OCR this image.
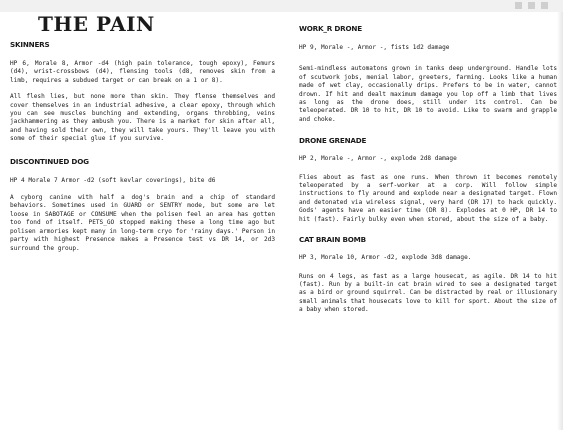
THE PAIN
SKINNERS

HP 6, Morale 8, Armor -d4 (high pain tolerance, tough epoxy), Femurs (d4), wrist-crossbows (d4), flensing tools (d8, removes skin from a limb, requires a subdued target or can break on a 1 or 8).

All flesh lies, but none more than skin. They flense themselves and cover themselves in an industrial adhesive, a clear epoxy, through which you can see muscles bunching and extending, organs throbbing, veins jackhammering as they ambush you. There is a market for skin after all, and having sold their own, they will take yours. They'll leave you with some of their special glue if you survive.

DISCONTINUED DOG

HP 4 Morale 7 Armor -d2 (soft kevlar coverings), bite d6

A cyborg canine with half a dog's brain and a chip of standard behaviors. Sometimes used in GUARD or SENTRY mode, but some are let loose in SABOTAGE or CONSUME when the polisen feel an area has gotten too fond of itself. PETS_GO stopped making these a long time ago but polisen armories kept many in long-term cryo for 'rainy days.' Person in party with highest Presence makes a Presence test vs DR 14, or 2d3 surround the group.

WORK_R DRONE

HP 9, Morale -, Armor -, fists 1d2 damage

Semi-mindless automatons grown in tanks deep underground. Handle lots of scutwork jobs, menial labor, greeters, farming. Looks like a human made of wet clay, occasionally drips. Prefers to be in water, cannot drown. If hit and dealt maximum damage you lop off a limb that lives as long as the drone does, still under its control. Can be teleoperated. DR 10 to hit, DR 10 to avoid. Like to swarm and grapple and choke.

DRONE GRENADE

HP 2, Morale -, Armor -, explode 2d8 damage

Flies about as fast as one runs. When thrown it becomes remotely teleoperated by a serf-worker at a corp. Will follow simple instructions to fly around and explode near a designated target. Flown and detonated via wireless signal, very hard (DR 17) to hack quickly. Gods' agents have an easier time (DR 8). Explodes at 0 HP, DR 14 to hit (fast). Fairly bulky even when stored, about the size of a baby.

CAT BRAIN BOMB

HP 3, Morale 10, Armor -d2, explode 3d8 damage.

Runs on 4 legs, as fast as a large housecat, as agile. DR 14 to hit (fast). Run by a built-in cat brain wired to see a designated target as a bird or ground squirrel. Can be distracted by real or illusionary small animals that housecats love to kill for sport. About the size of a baby when stored.
